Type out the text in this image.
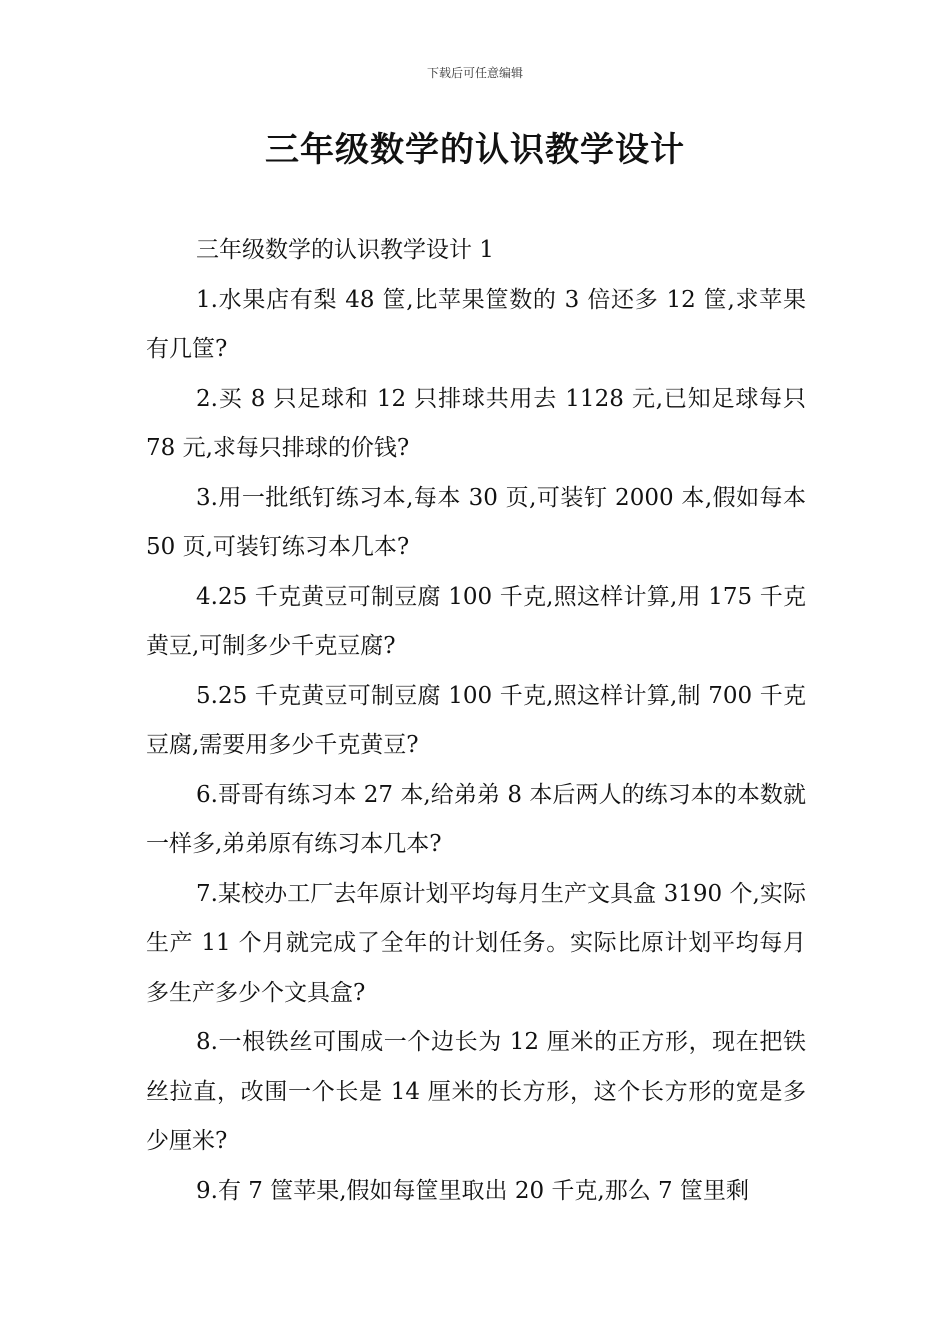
下载后可任意编辑
三年级数学的认识教学设计

三年级数学的认识教学设计 1

1.水果店有梨 48 筐,比苹果筐数的 3 倍还多 12 筐,求苹果有几筐?

2.买 8 只足球和 12 只排球共用去 1128 元,已知足球每只 78 元,求每只排球的价钱?

3.用一批纸钉练习本,每本 30 页,可装钉 2000 本,假如每本 50 页,可装钉练习本几本?

4.25 千克黄豆可制豆腐 100 千克,照这样计算,用 175 千克黄豆,可制多少千克豆腐?

5.25 千克黄豆可制豆腐 100 千克,照这样计算,制 700 千克豆腐,需要用多少千克黄豆?

6.哥哥有练习本 27 本,给弟弟 8 本后两人的练习本的本数就一样多,弟弟原有练习本几本?

7.某校办工厂去年原计划平均每月生产文具盒 3190 个,实际生产 11 个月就完成了全年的计划任务。实际比原计划平均每月多生产多少个文具盒?

8.一根铁丝可围成一个边长为 12 厘米的正方形，现在把铁丝拉直，改围一个长是 14 厘米的长方形，这个长方形的宽是多少厘米?

9.有 7 筐苹果,假如每筐里取出 20 千克,那么 7 筐里剩
